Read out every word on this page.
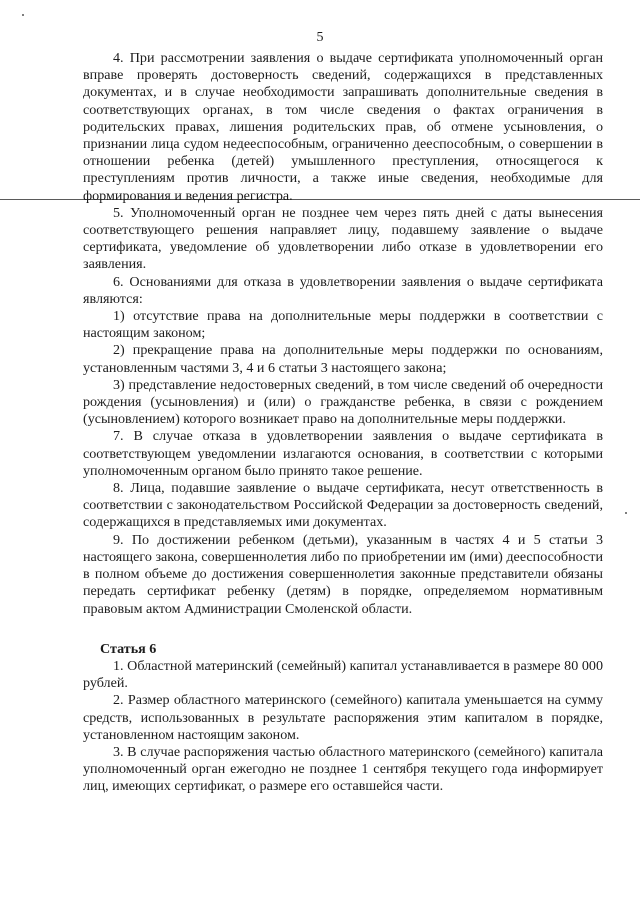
5

4. При рассмотрении заявления о выдаче сертификата уполномоченный орган вправе проверять достоверность сведений, содержащихся в представленных документах, и в случае необходимости запрашивать дополнительные сведения в соответствующих органах, в том числе сведения о фактах ограничения в родительских правах, лишения родительских прав, об отмене усыновления, о признании лица судом недееспособным, ограниченно дееспособным, о совершении в отношении ребенка (детей) умышленного преступления, относящегося к преступлениям против личности, а также иные сведения, необходимые для формирования и ведения регистра.

5. Уполномоченный орган не позднее чем через пять дней с даты вынесения соответствующего решения направляет лицу, подавшему заявление о выдаче сертификата, уведомление об удовлетворении либо отказе в удовлетворении его заявления.

6. Основаниями для отказа в удовлетворении заявления о выдаче сертификата являются:

1) отсутствие права на дополнительные меры поддержки в соответствии с настоящим законом;

2) прекращение права на дополнительные меры поддержки по основаниям, установленным частями 3, 4 и 6 статьи 3 настоящего закона;

3) представление недостоверных сведений, в том числе сведений об очередности рождения (усыновления) и (или) о гражданстве ребенка, в связи с рождением (усыновлением) которого возникает право на дополнительные меры поддержки.

7. В случае отказа в удовлетворении заявления о выдаче сертификата в соответствующем уведомлении излагаются основания, в соответствии с которыми уполномоченным органом было принято такое решение.

8. Лица, подавшие заявление о выдаче сертификата, несут ответственность в соответствии с законодательством Российской Федерации за достоверность сведений, содержащихся в представляемых ими документах.

9. По достижении ребенком (детьми), указанным в частях 4 и 5 статьи 3 настоящего закона, совершеннолетия либо по приобретении им (ими) дееспособности в полном объеме до достижения совершеннолетия законные представители обязаны передать сертификат ребенку (детям) в порядке, определяемом нормативным правовым актом Администрации Смоленской области.

Статья 6

1. Областной материнский (семейный) капитал устанавливается в размере 80 000 рублей.

2. Размер областного материнского (семейного) капитала уменьшается на сумму средств, использованных в результате распоряжения этим капиталом в порядке, установленном настоящим законом.

3. В случае распоряжения частью областного материнского (семейного) капитала уполномоченный орган ежегодно не позднее 1 сентября текущего года информирует лиц, имеющих сертификат, о размере его оставшейся части.
